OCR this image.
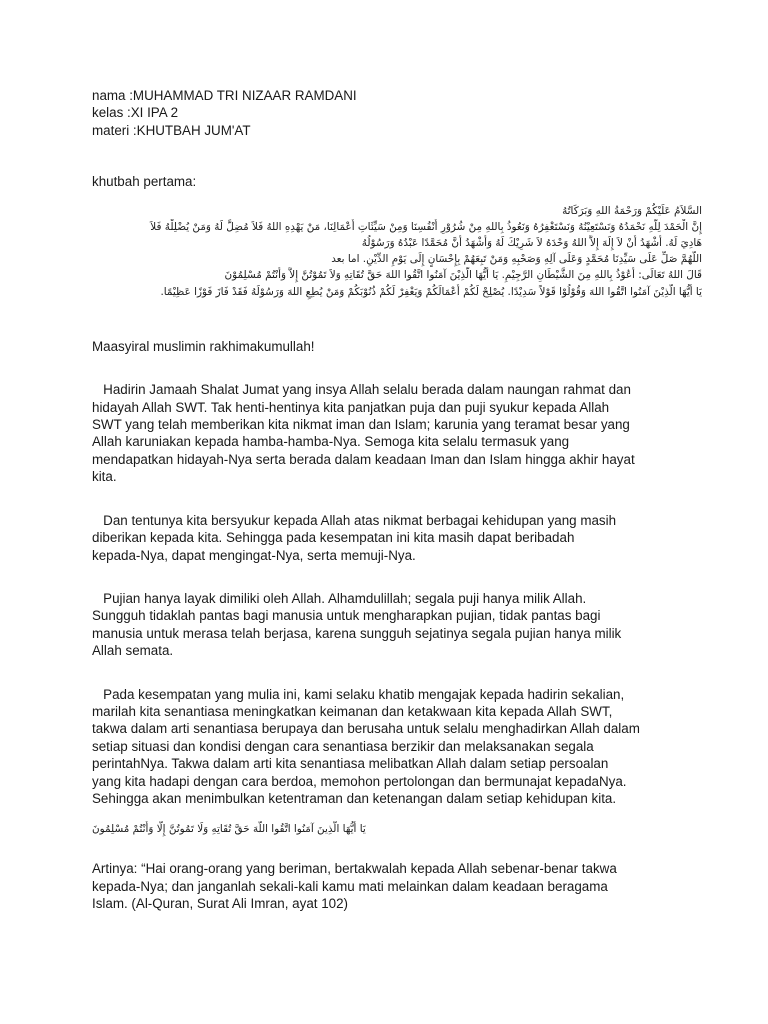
nama :MUHAMMAD TRI NIZAAR RAMDANI
kelas :XI IPA 2
materi :KHUTBAH JUM'AT
khutbah pertama:
السَّلاَمُ عَلَيْكُمْ وَرَحْمَةُ اللهِ وَبَرَكَاتُهُ
إِنَّ الْحَمْدَ لِلَّهِ نَحْمَدُهُ وَنَسْتَعِيْنُهُ وَنَسْتَغْفِرُهُ وَنَعُوذُ بِاللهِ مِنْ شُرُوْرِ أَنْفُسِنَا وَمِنْ سَيِّئَاتِ أَعْمَالِنَا، مَنْ يَهْدِهِ اللهُ فَلاَ مُضِلَّ لَهُ وَمَنْ يُضْلِلْهُ فَلاَ
هَادِيَ لَهُ. أَشْهَدُ أَنْ لاَ إِلَهَ إِلاَّ اللهُ وَحْدَهُ لاَ شَرِيْكَ لَهُ وَأَشْهَدُ أَنَّ مُحَمَّدًا عَبْدُهُ وَرَسُوْلُهُ
اللَّهُمَّ صَلِّ عَلَى سَيِّدِنَا مُحَمَّدٍ وَعَلَى آلِهِ وَصَحْبِهِ وَمَنْ تَبِعَهُمْ بِإِحْسَانٍ إِلَى يَوْمِ الدِّيْنِ. اما بعد
قَالَ اللهُ تَعَالَى: أَعُوْذُ بِاللهِ مِنَ الشَّيْطَانِ الرَّجِيْمِ. يَا أَيُّهَا الَّذِيْنَ آمَنُوا اتَّقُوا اللهَ حَقَّ تُقَاتِهِ وَلاَ تَمُوْتُنَّ إِلاَّ وَأَنْتُمْ مُسْلِمُوْنَ
يَا أَيُّهَا الَّذِيْنَ آمَنُوا اتَّقُوا اللهَ وَقُوْلُوْا قَوْلاً سَدِيْدًا. يُصْلِحْ لَكُمْ أَعْمَالَكُمْ وَيَغْفِرْ لَكُمْ ذُنُوْبَكُمْ وَمَنْ يُطِعِ اللهَ وَرَسُوْلَهُ فَقَدْ فَازَ فَوْزًا عَظِيْمًا.
Maasyiral muslimin rakhimakumullah!
Hadirin Jamaah Shalat Jumat yang insya Allah selalu berada dalam naungan rahmat dan
hidayah Allah SWT. Tak henti-hentinya kita panjatkan puja dan puji syukur kepada Allah
SWT yang telah memberikan kita nikmat iman dan Islam; karunia yang teramat besar yang
Allah karuniakan kepada hamba-hamba-Nya. Semoga kita selalu termasuk yang
mendapatkan hidayah-Nya serta berada dalam keadaan Iman dan Islam hingga akhir hayat
kita.
Dan tentunya kita bersyukur kepada Allah atas nikmat berbagai kehidupan yang masih
diberikan kepada kita. Sehingga pada kesempatan ini kita masih dapat beribadah
kepada-Nya, dapat mengingat-Nya, serta memuji-Nya.
Pujian hanya layak dimiliki oleh Allah. Alhamdulillah; segala puji hanya milik Allah.
Sungguh tidaklah pantas bagi manusia untuk mengharapkan pujian, tidak pantas bagi
manusia untuk merasa telah berjasa, karena sungguh sejatinya segala pujian hanya milik
Allah semata.
Pada kesempatan yang mulia ini, kami selaku khatib mengajak kepada hadirin sekalian,
marilah kita senantiasa meningkatkan keimanan dan ketakwaan kita kepada Allah SWT,
takwa dalam arti senantiasa berupaya dan berusaha untuk selalu menghadirkan Allah dalam
setiap situasi dan kondisi dengan cara senantiasa berzikir dan melaksanakan segala
perintahNya. Takwa dalam arti kita senantiasa melibatkan Allah dalam setiap persoalan
yang kita hadapi dengan cara berdoa, memohon pertolongan dan bermunajat kepadaNya.
Sehingga akan menimbulkan ketentraman dan ketenangan dalam setiap kehidupan kita.
يَا أَيُّهَا الَّذِينَ آمَنُوا اتَّقُوا اللَّهَ حَقَّ تُقَاتِهِ وَلَا تَمُوتُنَّ إِلَّا وَأَنْتُمْ مُسْلِمُونَ
Artinya: “Hai orang-orang yang beriman, bertakwalah kepada Allah sebenar-benar takwa
kepada-Nya; dan janganlah sekali-kali kamu mati melainkan dalam keadaan beragama
Islam. (Al-Quran, Surat Ali Imran, ayat 102)
